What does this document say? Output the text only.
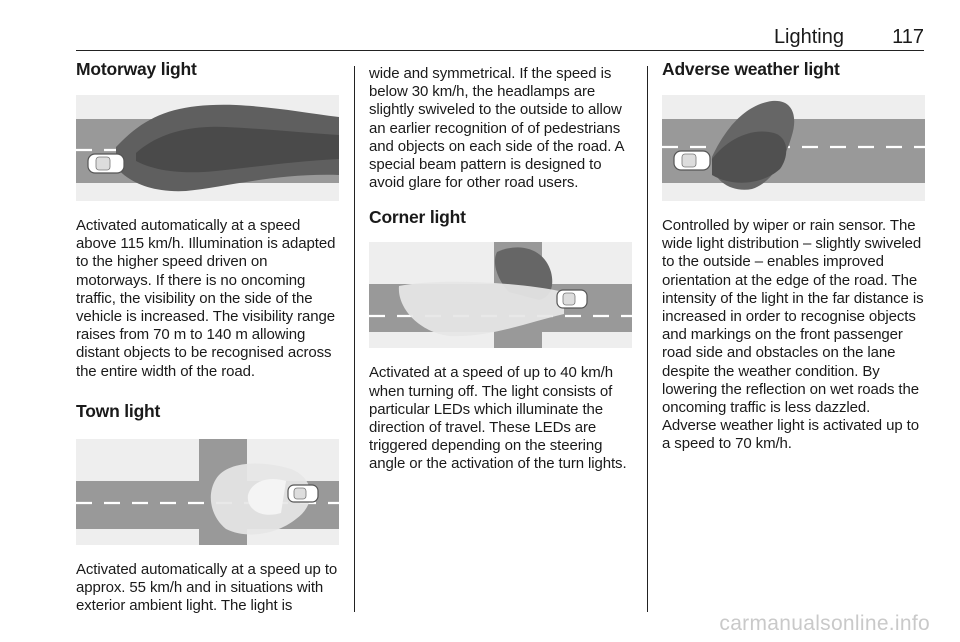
Lighting 117
Motorway light

Activated automatically at a speed above 115 km/h. Illumination is adapted to the higher speed driven on motorways. If there is no oncoming traffic, the visibility on the side of the vehicle is increased. The visibility range raises from 70 m to 140 m allowing distant objects to be recognised across the entire width of the road.

Town light

Activated automatically at a speed up to approx. 55 km/h and in situations with exterior ambient light. The light is

wide and symmetrical. If the speed is below 30 km/h, the headlamps are slightly swiveled to the outside to allow an earlier recognition of of pedestrians and objects on each side of the road. A special beam pattern is designed to avoid glare for other road users.

Corner light

Activated at a speed of up to 40 km/h when turning off. The light consists of particular LEDs which illuminate the direction of travel. These LEDs are triggered depending on the steering angle or the activation of the turn lights.

Adverse weather light

Controlled by wiper or rain sensor. The wide light distribution – slightly swiveled to the outside – enables improved orientation at the edge of the road. The intensity of the light in the far distance is increased in order to recognise objects and markings on the front passenger road side and obstacles on the lane despite the weather condition. By lowering the reflection on wet roads the oncoming traffic is less dazzled. Adverse weather light is activated up to a speed to 70 km/h.

carmanualsonline.info
